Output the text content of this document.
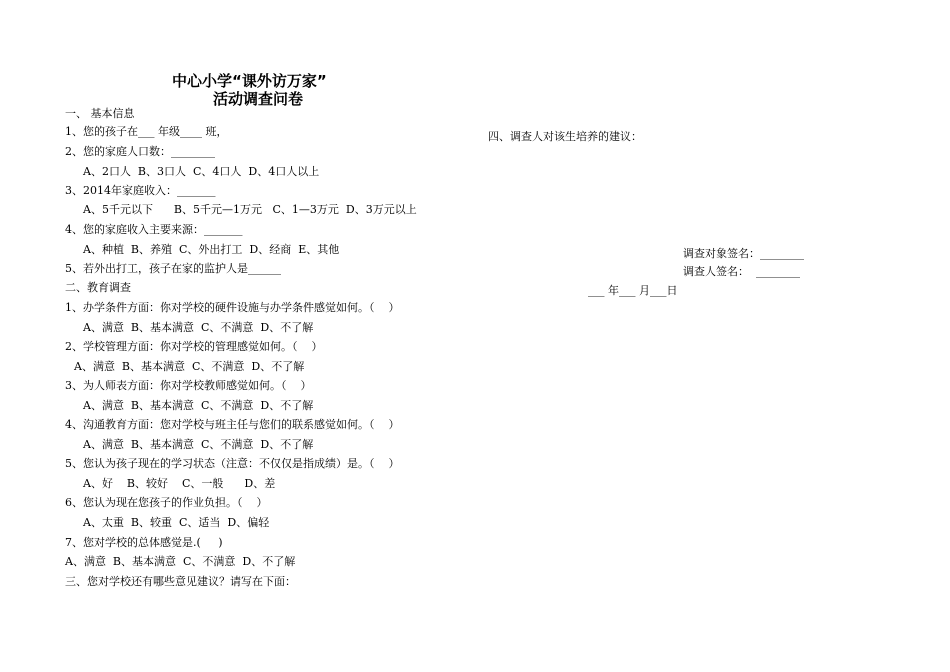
中心小学“课外访万家”
活动调查问卷
一、 基本信息
1、您的孩子在___ 年级____ 班，
2、您的家庭人口数：________
A、2口人  B、3口人  C、4口人  D、4口人以上
3、2014年家庭收入：_______
A、5千元以下      B、5千元—1万元   C、1—3万元  D、3万元以上
4、您的家庭收入主要来源：_______
A、种植  B、养殖  C、外出打工  D、经商  E、其他
5、若外出打工，孩子在家的监护人是______
二、教育调查
1、办学条件方面：你对学校的硬件设施与办学条件感觉如何。（    ）
A、满意  B、基本满意  C、不满意  D、不了解
2、学校管理方面：你对学校的管理感觉如何。（    ）
A、满意  B、基本满意  C、不满意  D、不了解
3、为人师表方面：你对学校教师感觉如何。（    ）
A、满意  B、基本满意  C、不满意  D、不了解
4、沟通教育方面：您对学校与班主任与您们的联系感觉如何。（    ）
A、满意  B、基本满意  C、不满意  D、不了解
5、您认为孩子现在的学习状态（注意：不仅仅是指成绩）是。（    ）
A、好    B、较好    C、一般      D、差
6、您认为现在您孩子的作业负担。（    ）
A、太重  B、较重  C、适当  D、偏轻
7、您对学校的总体感觉是.(     )
A、满意  B、基本满意  C、不满意  D、不了解
三、您对学校还有哪些意见建议？请写在下面：
四、调查人对该生培养的建议：
调查对象签名：________
调查人签名：  ________
___ 年___ 月___日
